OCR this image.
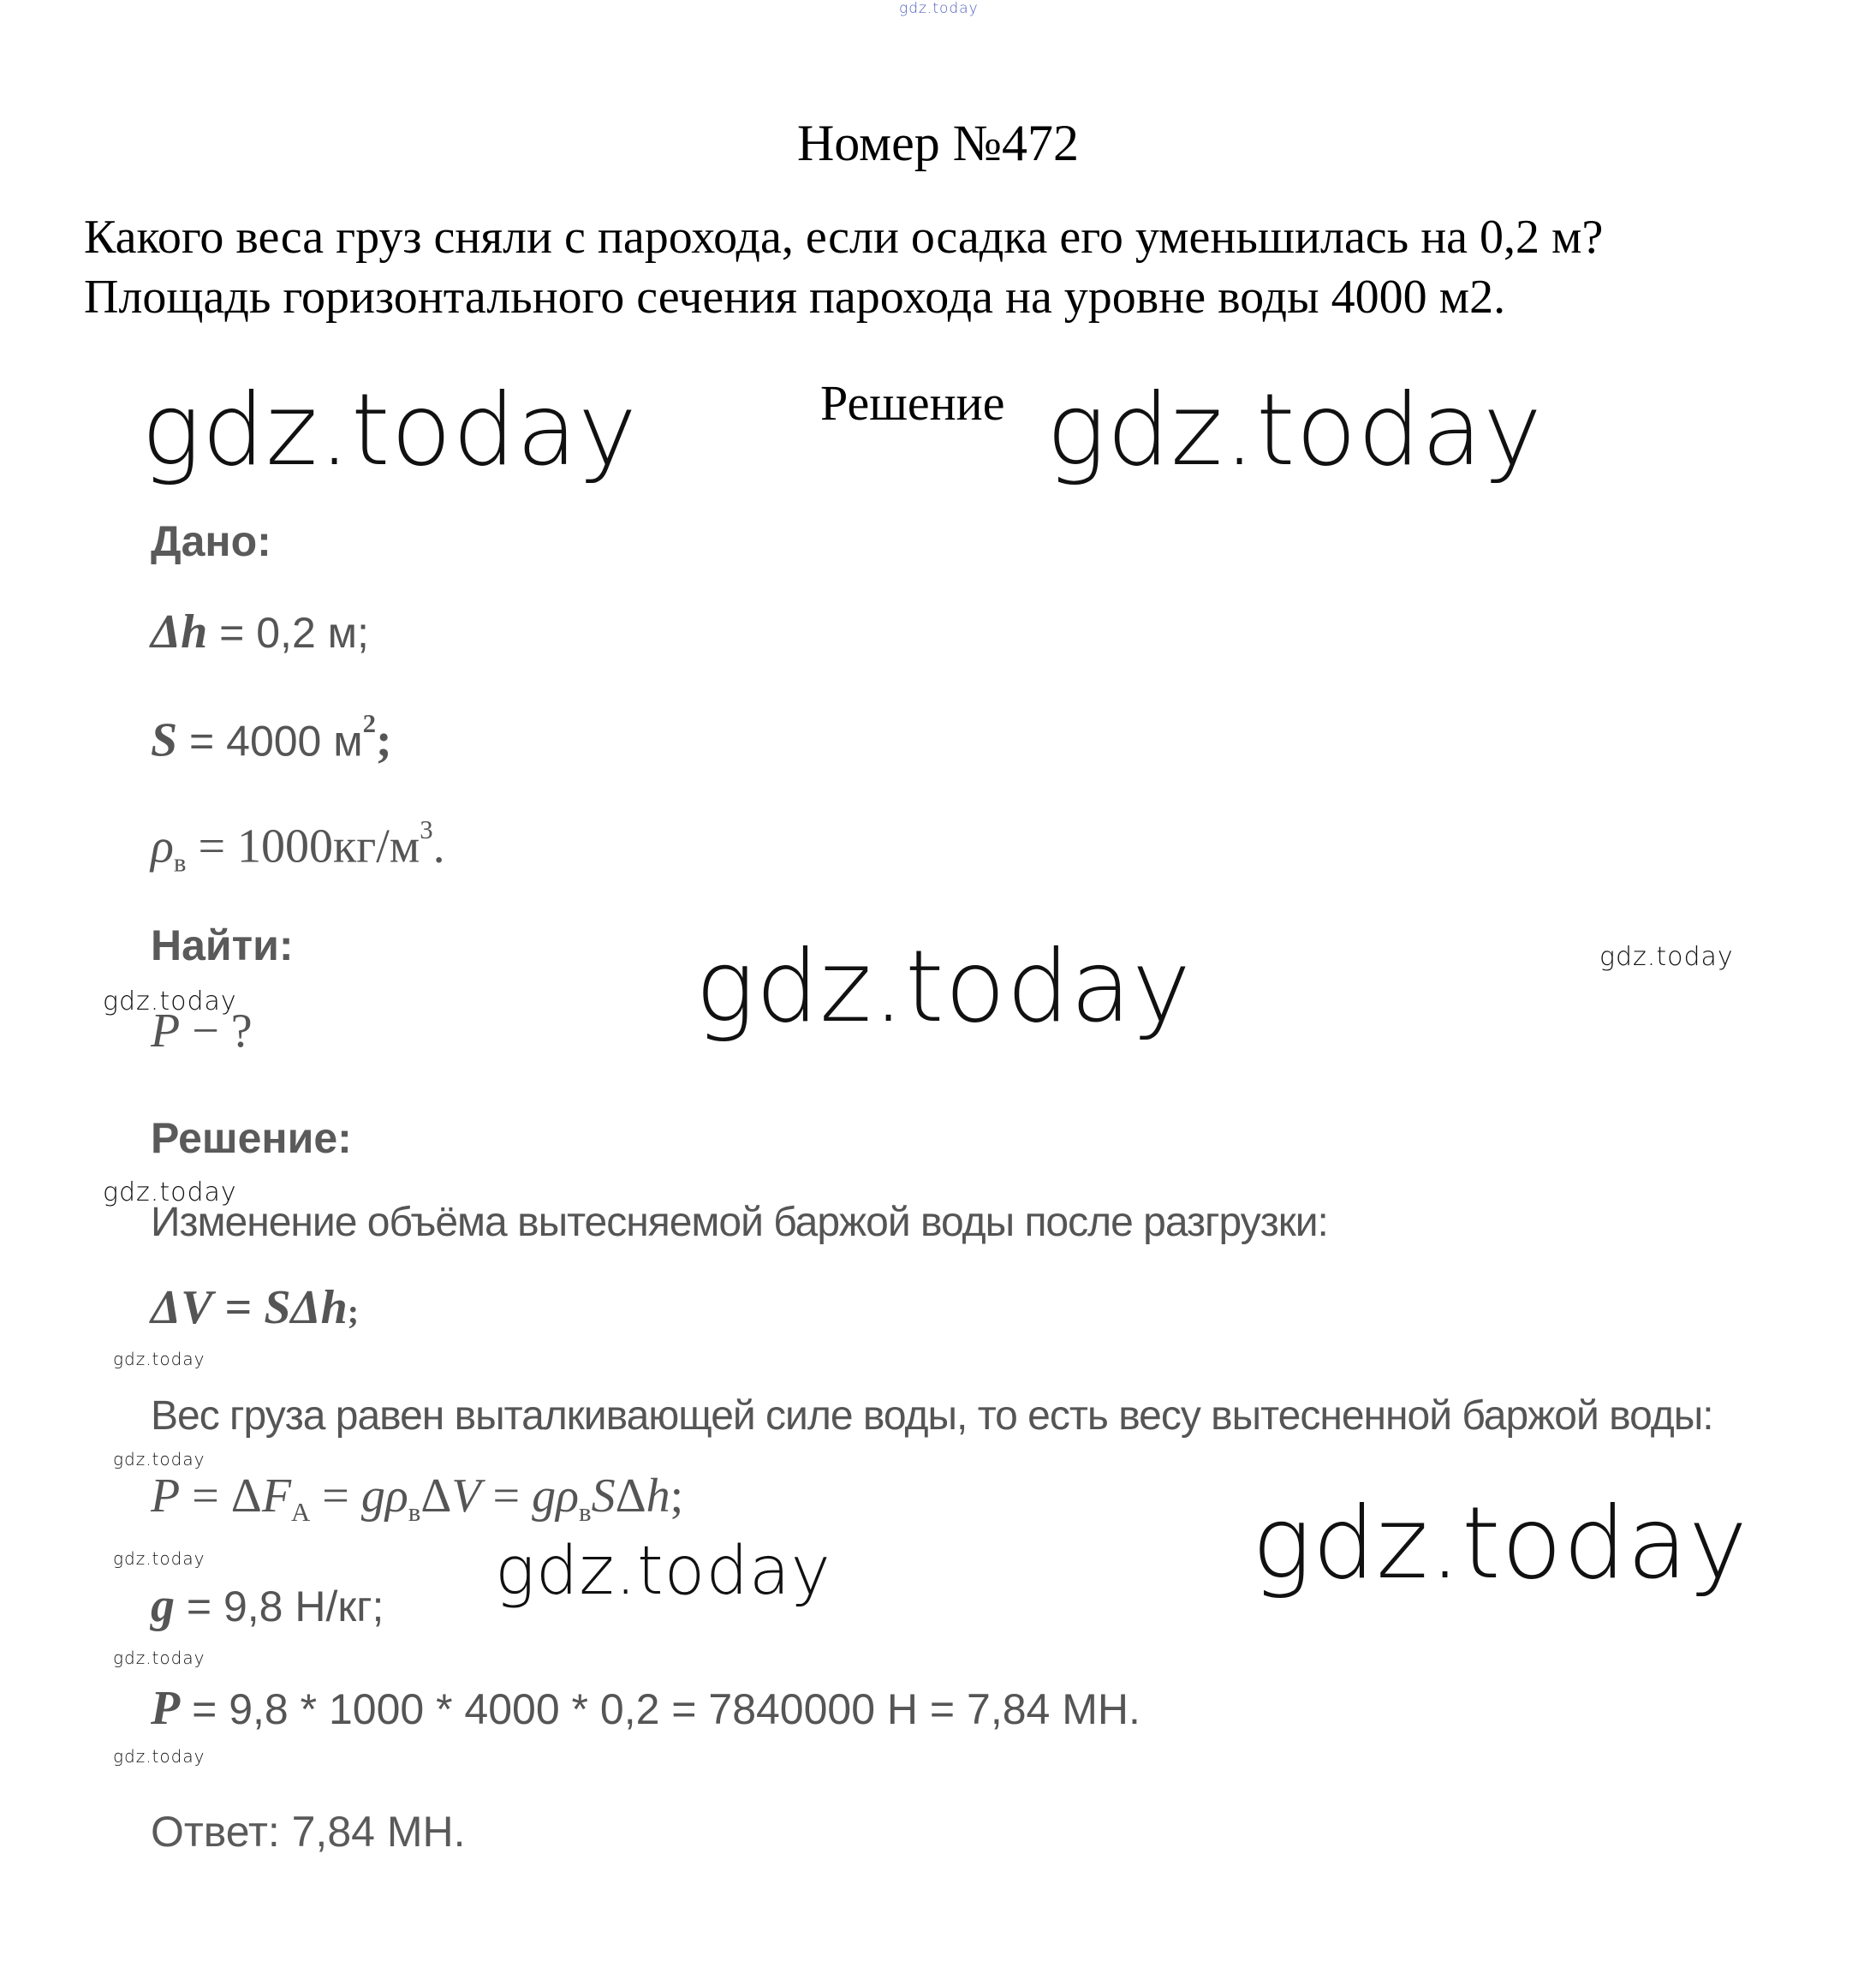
gdz.today
Номер №472
Какого веса груз сняли с парохода, если осадка его уменьшилась на 0,2 м?
Площадь горизонтального сечения парохода на уровне воды 4000 м2.
Решение
gdz.today	gdz.today
gdz.today
gdz.today
gdz.today
gdz.today
gdz.today
gdz.today
gdz.today
gdz.today
gdz.today
gdz.today
gdz.today
Дано:
Δh = 0,2 м;
S = 4000 $м^2$;
$\rho_в = 1000кг/м^3$.
Найти:
P − ?
Решение:
Изменение объёма вытесняемой баржой воды после разгрузки:
ΔV = SΔh;
Вес груза равен выталкивающей силе воды, то есть весу вытесненной баржой воды:
$P = \Delta F_А = g\rho_в\Delta V = g\rho_вS\Delta h$;
g = 9,8 Н/кг;
P = 9,8 * 1000 * 4000 * 0,2 = 7840000 Н = 7,84 МН.
Ответ: 7,84 МН.
